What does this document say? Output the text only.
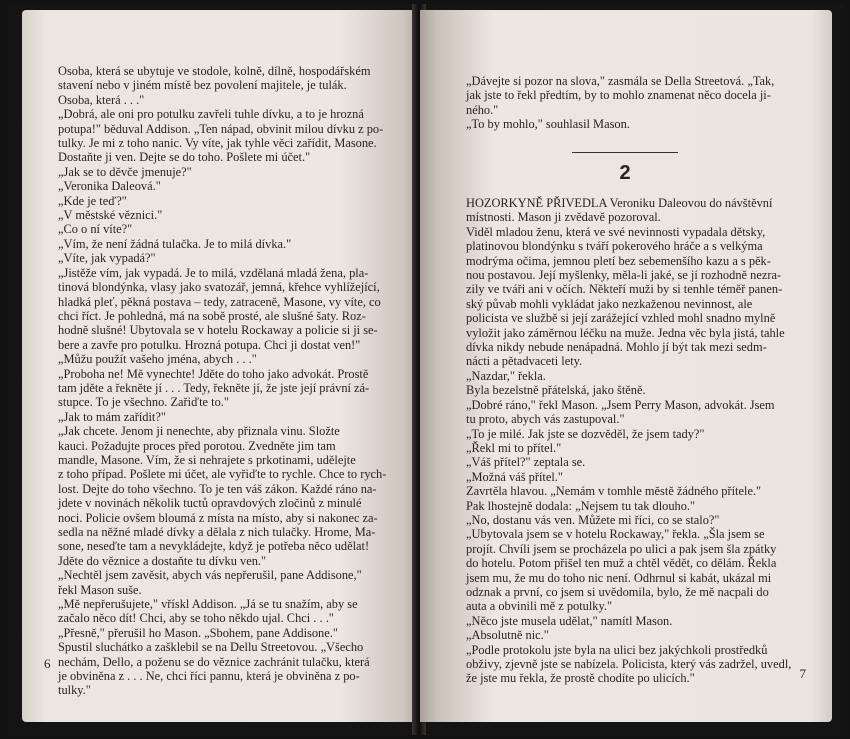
Osoba, která se ubytuje ve stodole, kolně, dílně, hospodářském
stavení nebo v jiném místě bez povolení majitele, je tulák.
Osoba, která . . ."
„Dobrá, ale oni pro potulku zavřeli tuhle dívku, a to je hrozná
potupa!" běduval Addison. „Ten nápad, obvinit milou dívku z po-
tulky. Je mi z toho nanic. Vy víte, jak tyhle věci zařídit, Masone.
Dostaňte ji ven. Dejte se do toho. Pošlete mi účet."
„Jak se to děvče jmenuje?"
„Veronika Daleová."
„Kde je teď?"
„V městské věznici."
„Co o ní víte?"
„Vím, že není žádná tulačka. Je to milá dívka."
„Víte, jak vypadá?"
„Jistěže vím, jak vypadá. Je to milá, vzdělaná mladá žena, pla-
tinová blondýnka, vlasy jako svatozář, jemná, křehce vyhlížející,
hladká pleť, pěkná postava – tedy, zatraceně, Masone, vy víte, co
chci říct. Je pohledná, má na sobě prosté, ale slušné šaty. Roz-
hodně slušné! Ubytovala se v hotelu Rockaway a policie si ji se-
bere a zavře pro potulku. Hrozná potupa. Chci ji dostat ven!"
„Můžu použít vašeho jména, abych . . ."
„Proboha ne! Mě vynechte! Jděte do toho jako advokát. Prostě
tam jděte a řekněte jí . . . Tedy, řekněte jí, že jste její právní zá-
stupce. To je všechno. Zařiďte to."
„Jak to mám zařídit?"
„Jak chcete. Jenom ji nenechte, aby přiznala vinu. Složte
kauci. Požadujte proces před porotou. Zvedněte jim tam
mandle, Masone. Vím, že si nehrajete s prkotinami, udělejte
z toho případ. Pošlete mi účet, ale vyřiďte to rychle. Chce to rych-
lost. Dejte do toho všechno. To je ten váš zákon. Každé ráno na-
jdete v novinách několik tuctů opravdových zločinů z minulé
noci. Policie ovšem bloumá z místa na místo, aby si nakonec za-
sedla na něžné mladé dívky a dělala z nich tulačky. Hrome, Ma-
sone, neseďte tam a nevykládejte, když je potřeba něco udělat!
Jděte do věznice a dostaňte tu dívku ven."
„Nechtěl jsem zavěsit, abych vás nepřerušil, pane Addisone,"
řekl Mason suše.
„Mě nepřerušujete," vřískl Addison. „Já se tu snažím, aby se
začalo něco dít! Chci, aby se toho někdo ujal. Chci . . ."
„Přesně," přerušil ho Mason. „Sbohem, pane Addisone."
Spustil sluchátko a zašklebil se na Dellu Streetovou. „Všecho
nechám, Dello, a poženu se do věznice zachránit tulačku, která
je obviněna z . . . Ne, chci říci pannu, která je obviněna z po-
tulky."
6
„Dávejte si pozor na slova," zasmála se Della Streetová. „Tak,
jak jste to řekl předtím, by to mohlo znamenat něco docela ji-
ného."
„To by mohlo," souhlasil Mason.
2
HOZORKYNĚ PŘIVEDLA Veroniku Daleovou do návštěvní
místnosti. Mason ji zvědavě pozoroval.
Viděl mladou ženu, která ve své nevinnosti vypadala dětsky,
platinovou blondýnku s tváří pokerového hráče a s velkýma
modrýma očima, jemnou pletí bez sebemenšího kazu a s pěk-
nou postavou. Její myšlenky, měla-li jaké, se jí rozhodně nezra-
zily ve tváři ani v očích. Někteří muži by si tenhle téměř panen-
ský půvab mohli vykládat jako nezkaženou nevinnost, ale
policista ve službě si její zarážející vzhled mohl snadno mylně
vyložit jako záměrnou léčku na muže. Jedna věc byla jistá, tahle
dívka nikdy nebude nenápadná. Mohlo jí být tak mezi sedm-
nácti a pětadvaceti lety.
„Nazdar," řekla.
Byla bezelstně přátelská, jako štěně.
„Dobré ráno," řekl Mason. „Jsem Perry Mason, advokát. Jsem
tu proto, abych vás zastupoval."
„To je milé. Jak jste se dozvěděl, že jsem tady?"
„Řekl mi to přítel."
„Váš přítel?" zeptala se.
„Možná váš přítel."
Zavrtěla hlavou. „Nemám v tomhle městě žádného přítele."
Pak lhostejně dodala: „Nejsem tu tak dlouho."
„No, dostanu vás ven. Můžete mi říci, co se stalo?"
„Ubytovala jsem se v hotelu Rockaway," řekla. „Šla jsem se
projít. Chvíli jsem se procházela po ulici a pak jsem šla zpátky
do hotelu. Potom přišel ten muž a chtěl vědět, co dělám. Řekla
jsem mu, že mu do toho nic není. Odhrnul si kabát, ukázal mi
odznak a první, co jsem si uvědomila, bylo, že mě nacpali do
auta a obvinili mě z potulky."
„Něco jste musela udělat," namítl Mason.
„Absolutně nic."
„Podle protokolu jste byla na ulici bez jakýchkoli prostředků
obživy, zjevně jste se nabízela. Policista, který vás zadržel, uvedl,
že jste mu řekla, že prostě chodíte po ulicích."	7
